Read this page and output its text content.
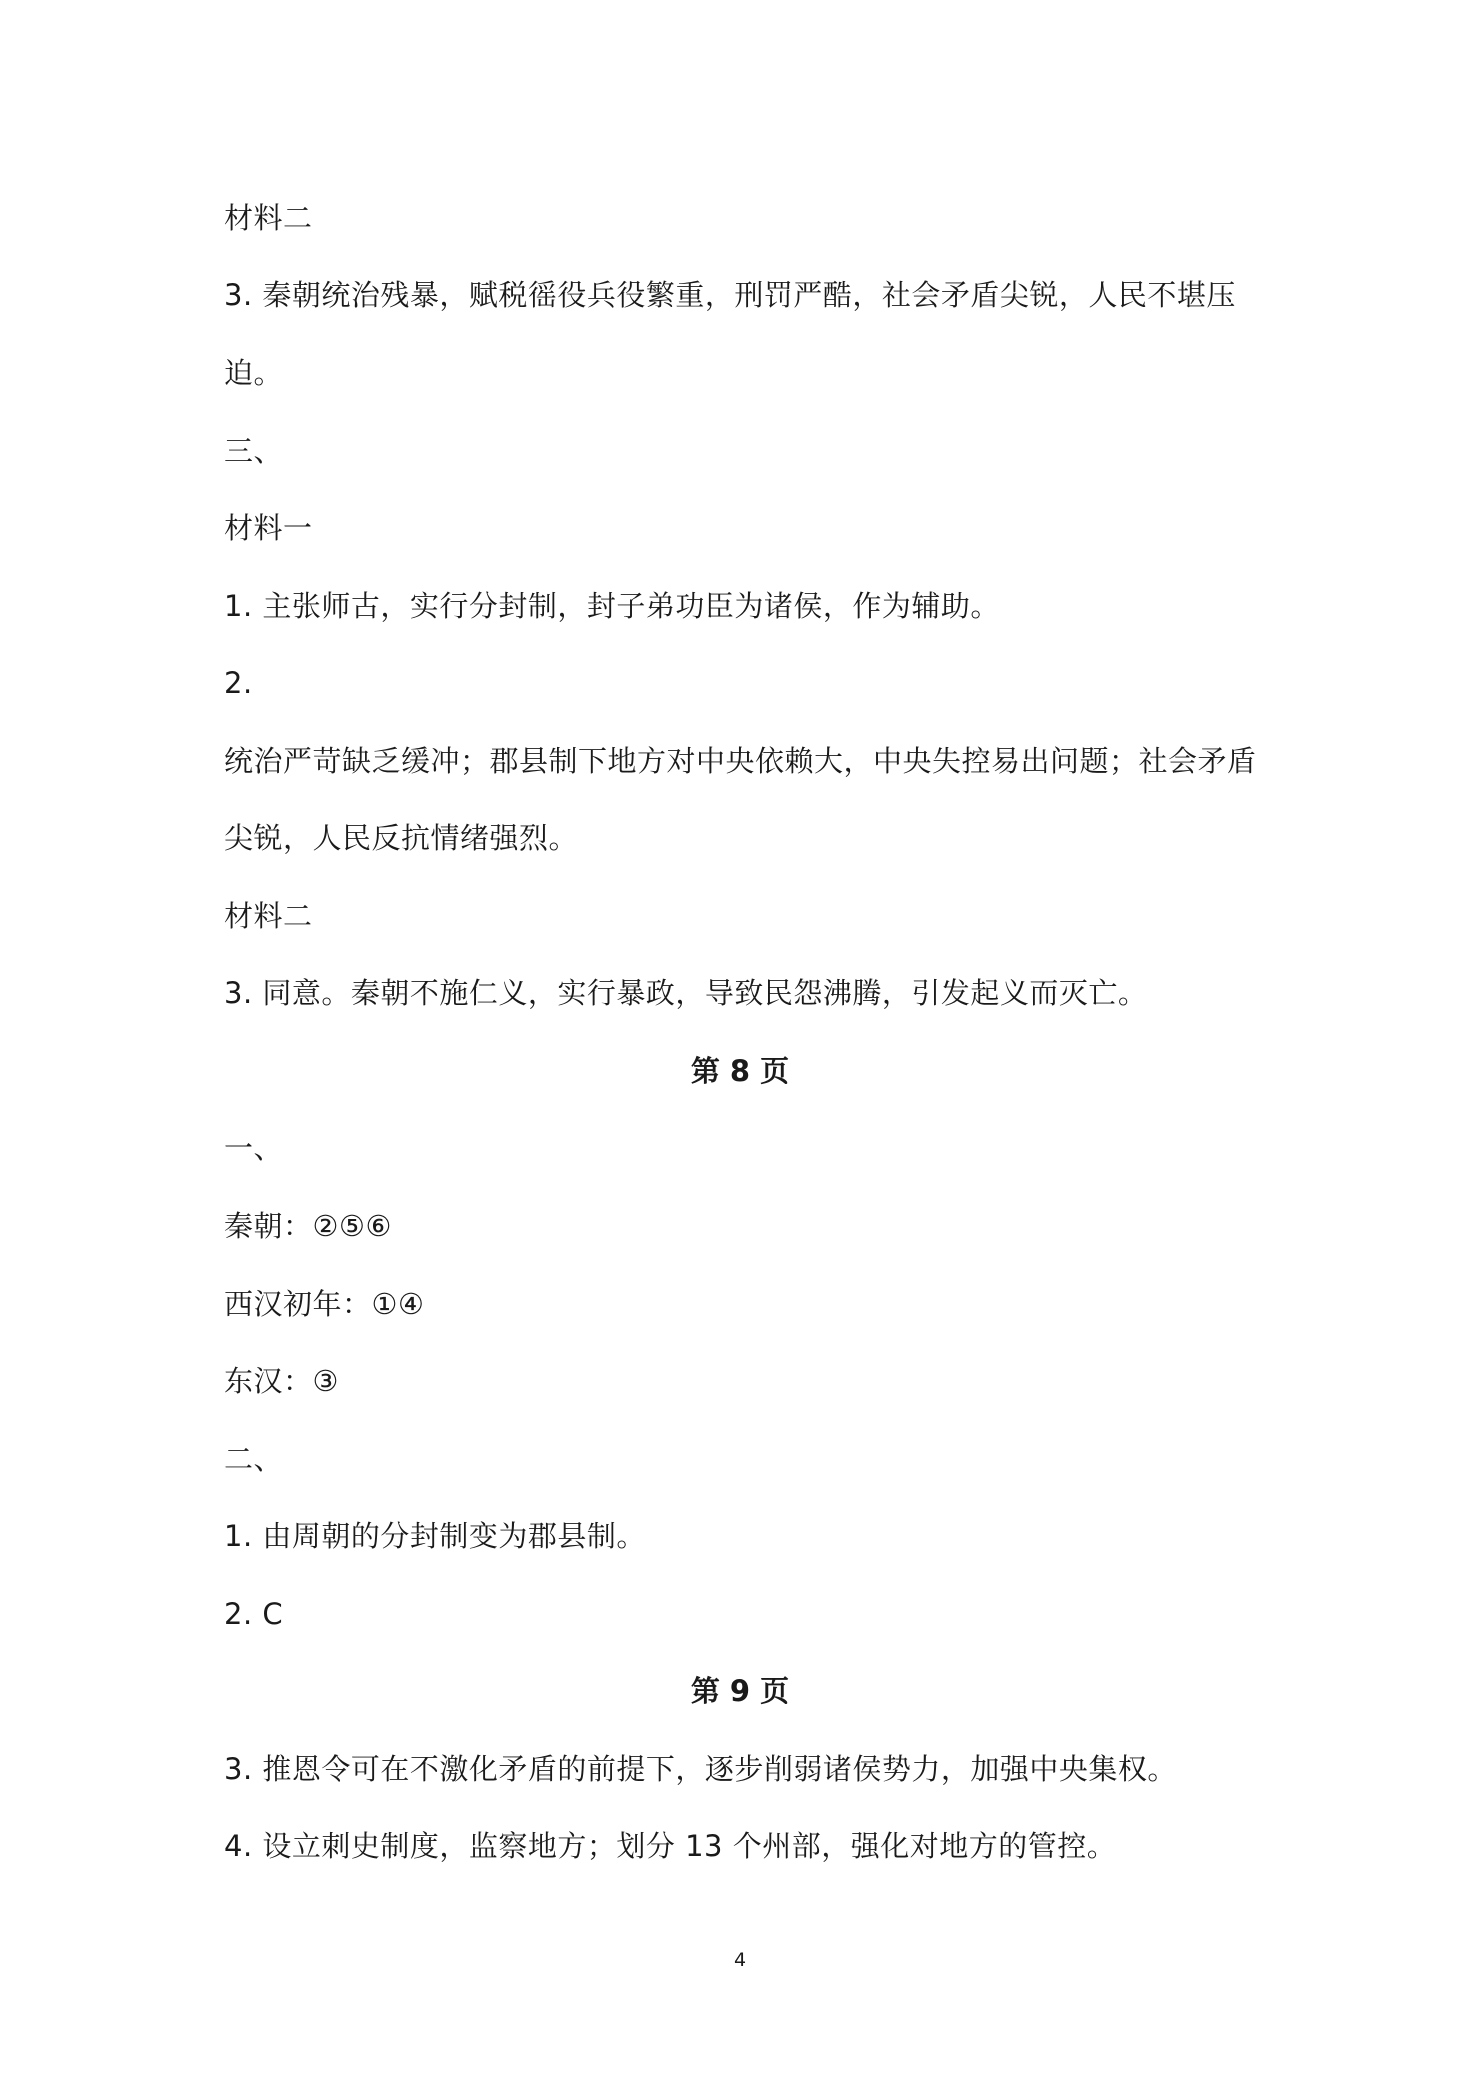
材料二
3. 秦朝统治残暴，赋税徭役兵役繁重，刑罚严酷，社会矛盾尖锐，人民不堪压
迫。
三、
材料一
1. 主张师古，实行分封制，封子弟功臣为诸侯，作为辅助。
2.
统治严苛缺乏缓冲；郡县制下地方对中央依赖大，中央失控易出问题；社会矛盾
尖锐，人民反抗情绪强烈。
材料二
3. 同意。秦朝不施仁义，实行暴政，导致民怨沸腾，引发起义而灭亡。
第 8 页
一、
秦朝：②⑤⑥
西汉初年：①④
东汉：③
二、
1. 由周朝的分封制变为郡县制。
2. C
第 9 页
3. 推恩令可在不激化矛盾的前提下，逐步削弱诸侯势力，加强中央集权。
4. 设立刺史制度，监察地方；划分 13 个州部，强化对地方的管控。
4
